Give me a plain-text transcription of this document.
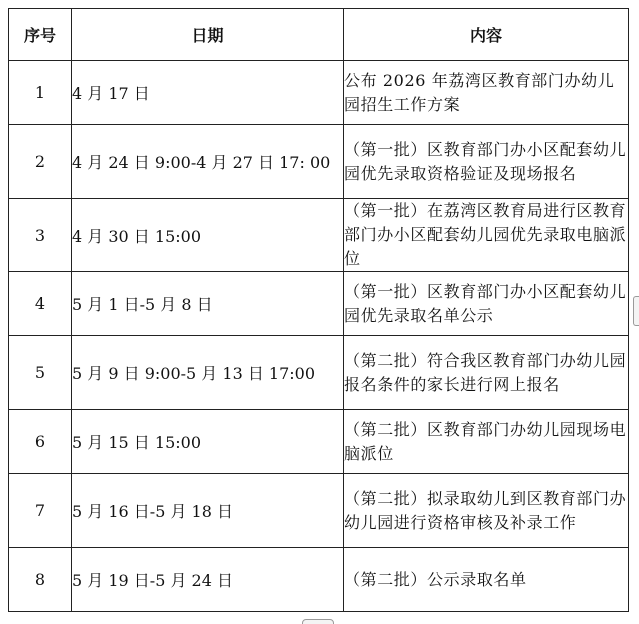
序号	日期	内容
1	4 月 17 日	公布 2026 年荔湾区教育部门办幼儿园招生工作方案
2	4 月 24 日 9:00-4 月 27 日 17: 00	（第一批）区教育部门办小区配套幼儿园优先录取资格验证及现场报名
3	4 月 30 日 15:00	（第一批）在荔湾区教育局进行区教育部门办小区配套幼儿园优先录取电脑派位
4	5 月 1 日-5 月 8 日	（第一批）区教育部门办小区配套幼儿园优先录取名单公示
5	5 月 9 日 9:00-5 月 13 日 17:00	（第二批）符合我区教育部门办幼儿园报名条件的家长进行网上报名
6	5 月 15 日 15:00	（第二批）区教育部门办幼儿园现场电脑派位
7	5 月 16 日-5 月 18 日	（第二批）拟录取幼儿到区教育部门办幼儿园进行资格审核及补录工作
8	5 月 19 日-5 月 24 日	（第二批）公示录取名单
